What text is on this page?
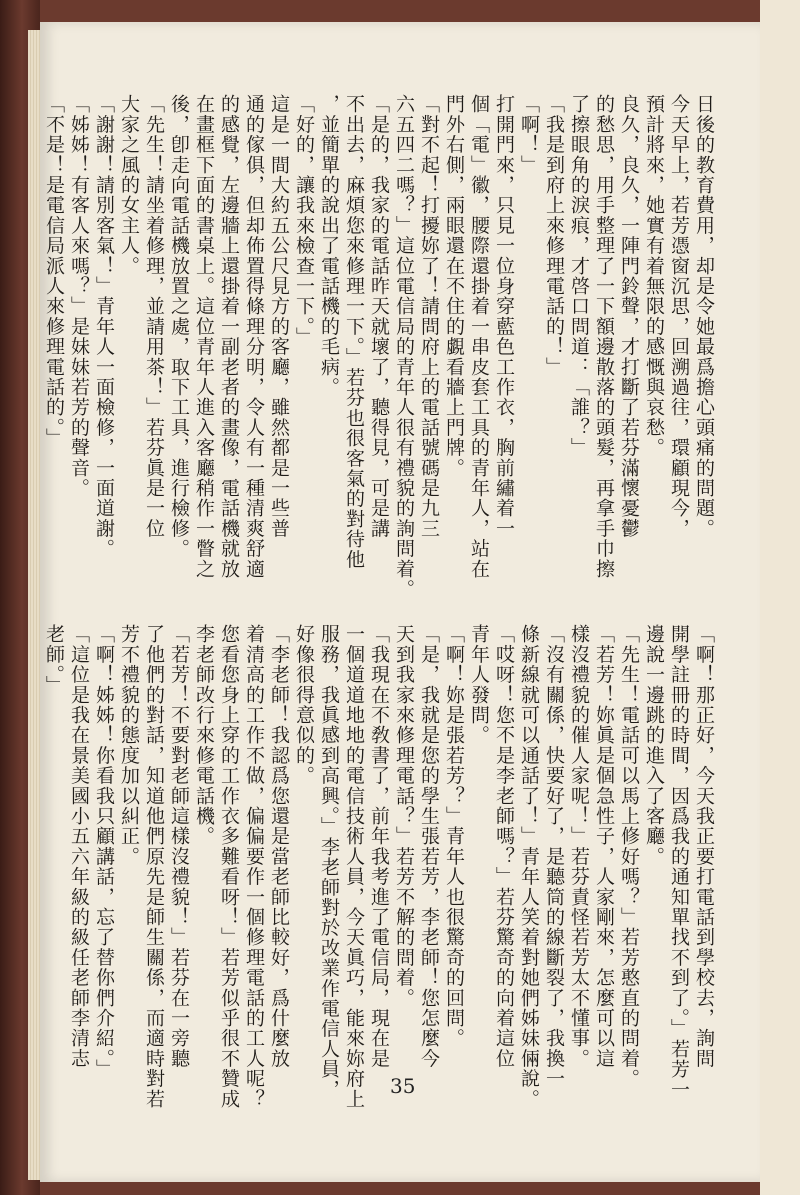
日後的教育費用，却是令她最爲擔心頭痛的問題。

今天早上，若芳憑窗沉思，回溯過往，環顧現今，

預計將來，她實有着無限的感慨與哀愁。

良久，良久，一陣門鈴聲，才打斷了若芬滿懷憂鬱

的愁思，用手整理了一下額邊散落的頭髮，再拿手巾擦

了擦眼角的淚痕，才啓口問道：「誰？」

「我是到府上來修理電話的！」

「啊！」

打開門來，只見一位身穿藍色工作衣，胸前繡着一

個「電」徽，腰際還掛着一串皮套工具的青年人，站在

門外右側，兩眼還在不住的覷看牆上門牌。

「對不起！打擾妳了！請問府上的電話號碼是九三

六五四二嗎？」這位電信局的青年人很有禮貌的詢問着。

「是的，我家的電話昨天就壞了，聽得見，可是講

不出去，麻煩您來修理一下。」若芬也很客氣的對待他

，並簡單的說出了電話機的毛病。

「好的，讓我來檢查一下。」

這是一間大約五公尺見方的客廳，雖然都是一些普

通的傢俱，但却佈置得條理分明，令人有一種清爽舒適

的感覺，左邊牆上還掛着一副老者的畫像，電話機就放

在畫框下面的書桌上。這位青年人進入客廳稍作一瞥之

後，卽走向電話機放置之處，取下工具，進行檢修。

「先生！請坐着修理，並請用茶！」若芬眞是一位

大家之風的女主人。

「謝謝！請別客氣！」青年人一面檢修，一面道謝。

「姊姊！有客人來嗎？」是妹妹若芳的聲音。

「不是！是電信局派人來修理電話的。」

「啊！那正好，今天我正要打電話到學校去，詢問

開學註冊的時間，因爲我的通知單找不到了。」若芳一

邊說一邊跳的進入了客廳。

「先生！電話可以馬上修好嗎？」若芳憨直的問着。

「若芳！妳眞是個急性子，人家剛來，怎麼可以這

樣沒禮貌的催人家呢！」若芬責怪若芳太不懂事。

「沒有關係，快要好了，是聽筒的線斷裂了，我換一

條新線就可以通話了！」青年人笑着對她們姊妹倆說。

「哎呀！您不是李老師嗎？」若芬驚奇的向着這位

青年人發問。

「啊！妳是張若芳？」青年人也很驚奇的回問。

「是，我就是您的學生張若芳，李老師！您怎麼今

天到我家來修理電話？」若芳不解的問着。

「我現在不敎書了，前年我考進了電信局，現在是

一個道道地地的電信技術人員，今天眞巧，能來妳府上

服務，我眞感到高興。」李老師對於改業作電信人員，

好像很得意似的。

「李老師！我認爲您還是當老師比較好，爲什麼放

着清高的工作不做，偏偏要作一個修理電話的工人呢？

您看您身上穿的工作衣多難看呀！」若芳似乎很不贊成

李老師改行來修電話機。

「若芳！不要對老師這樣沒禮貌！」若芬在一旁聽

了他們的對話，知道他們原先是師生關係，而適時對若

芳不禮貌的態度加以糾正。

「啊！姊姊！你看我只顧講話，忘了替你們介紹。」

「這位是我在景美國小五六年級的級任老師李清志

老師。」

35
